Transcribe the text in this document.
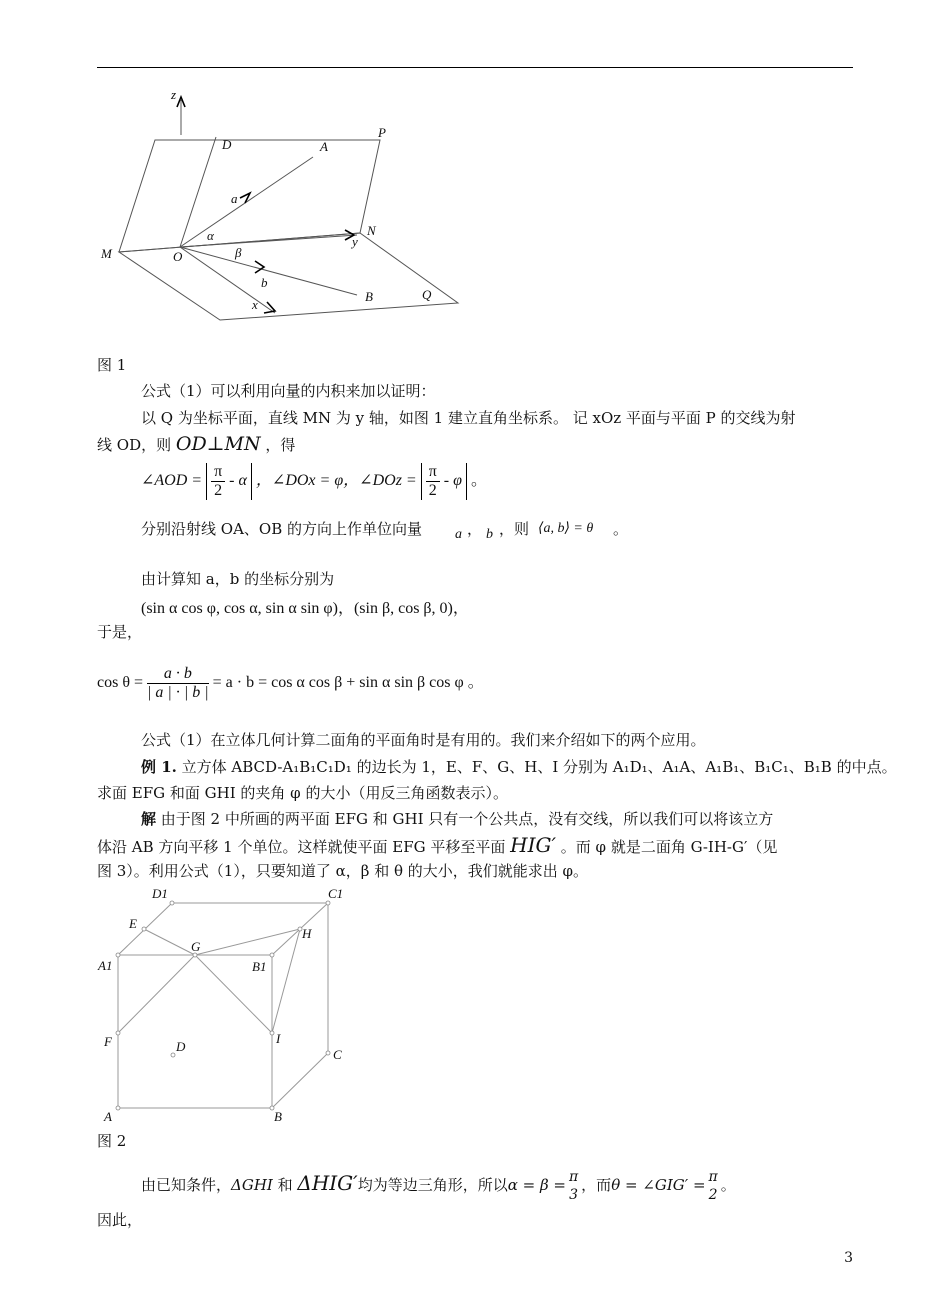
z
D
P
A
a
α	N
y
M	O	β
b
x
B	Q
图 1
公式（1）可以利用向量的内积来加以证明：
以 Q 为坐标平面，直线 MN 为 y 轴，如图 1 建立直角坐标系。 记 xOz 平面与平面 P 的交线为射
线 OD，则 OD⊥MN ，得
∠AOD = $\frac{\pi}{2}$ - α ，∠DOx = φ，∠DOz = $\frac{\pi}{2}$ - φ 。
分别沿射线 OA、OB 的方向上作单位向量 a ， b ，则 ⟨a, b⟩ = θ 。
由计算知 a，b 的坐标分别为
(sin α cos φ, cos α, sin α sin φ)，(sin β, cos β, 0)，
于是，
$\cos \theta = \frac{a \cdot b}{| a | \cdot | b |} = a \cdot b = \cos \alpha$ cos β + sin α sin β cos φ 。
公式（1）在立体几何计算二面角的平面角时是有用的。我们来介绍如下的两个应用。
例 1. 立方体 ABCD-A₁B₁C₁D₁ 的边长为 1，E、F、G、H、I 分别为 A₁D₁、A₁A、A₁B₁、B₁C₁、B₁B 的中点。
求面 EFG 和面 GHI 的夹角 φ 的大小（用反三角函数表示）。
解 由于图 2 中所画的两平面 EFG 和 GHI 只有一个公共点，没有交线，所以我们可以将该立方
体沿 AB 方向平移 1 个单位。这样就使平面 EFG 平移至平面 HIG′ 。而 φ 就是二面角 G-IH-G′（见
图 3）。利用公式（1），只要知道了 α，β 和 θ 的大小，我们就能求出 φ。
D1	C1
E
H
G
A1	B1
I
F	D
C
A	B
图 2
由已知条件，ΔGHI 和 ΔHIG′均为等边三角形，所以α = β = π
3
，而θ = ∠GIG′ = π
2
。
因此，
3
